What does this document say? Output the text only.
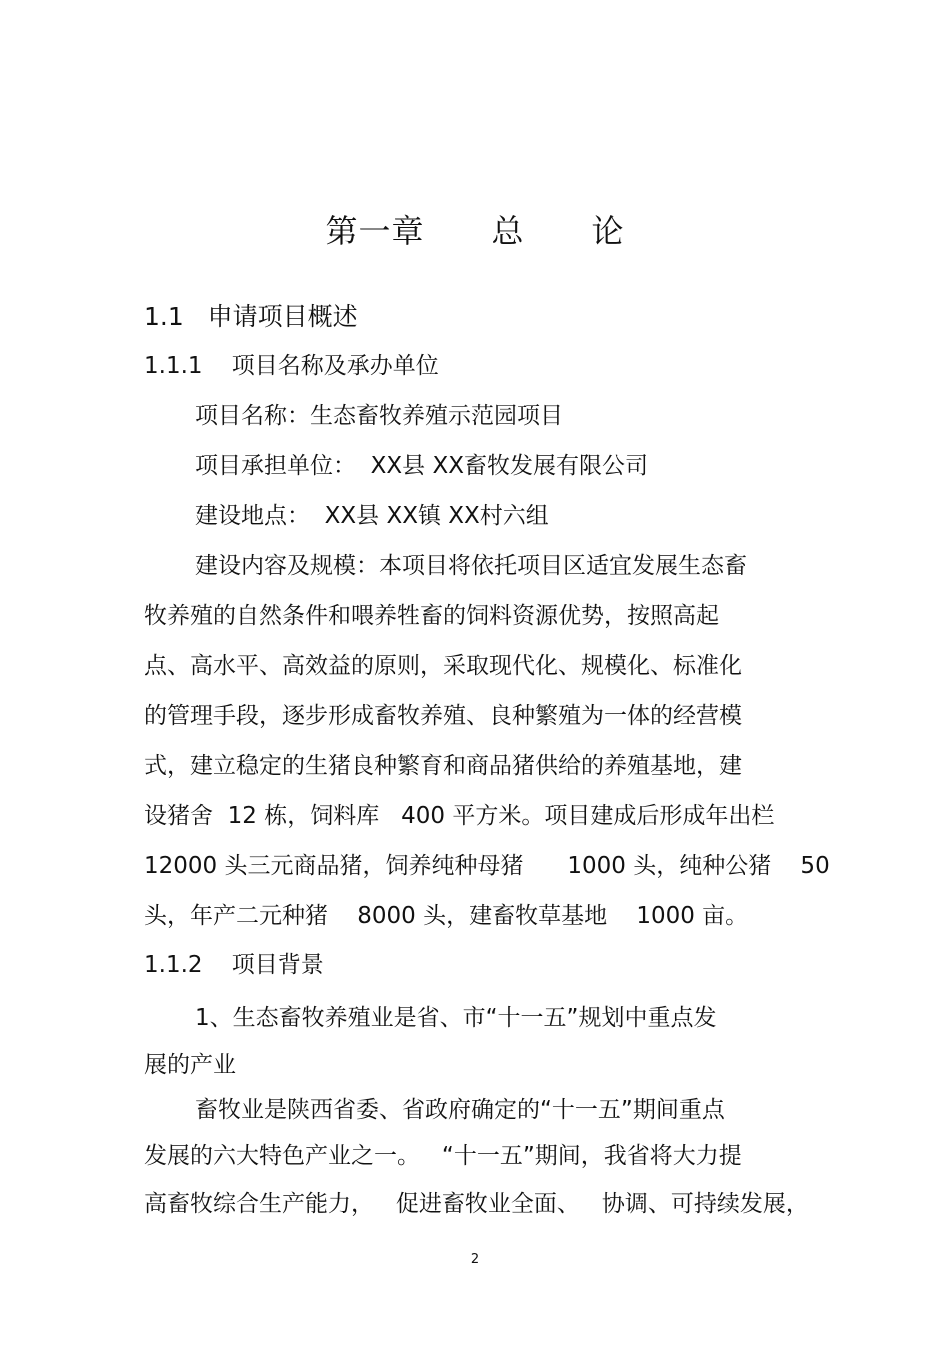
第一章      总      论
1.1 申请项目概述
1.1.1 项目名称及承办单位
项目名称：生态畜牧养殖示范园项目
项目承担单位：  XX县 XX畜牧发展有限公司
建设地点：  XX县 XX镇 XX村六组
建设内容及规模：本项目将依托项目区适宜发展生态畜
牧养殖的自然条件和喂养牲畜的饲料资源优势，按照高起
点、高水平、高效益的原则，采取现代化、规模化、标准化
的管理手段，逐步形成畜牧养殖、良种繁殖为一体的经营模
式，建立稳定的生猪良种繁育和商品猪供给的养殖基地，建
设猪舍  12 栋，饲料库   400 平方米。项目建成后形成年出栏
12000 头三元商品猪，饲养纯种母猪      1000 头，纯种公猪    50
头，年产二元种猪    8000 头，建畜牧草基地    1000 亩。
1.1.2 项目背景
1、生态畜牧养殖业是省、市“十一五”规划中重点发
展的产业
畜牧业是陕西省委、省政府确定的“十一五”期间重点
发展的六大特色产业之一。   “十一五”期间，我省将大力提
高畜牧综合生产能力，   促进畜牧业全面、   协调、可持续发展，
2
